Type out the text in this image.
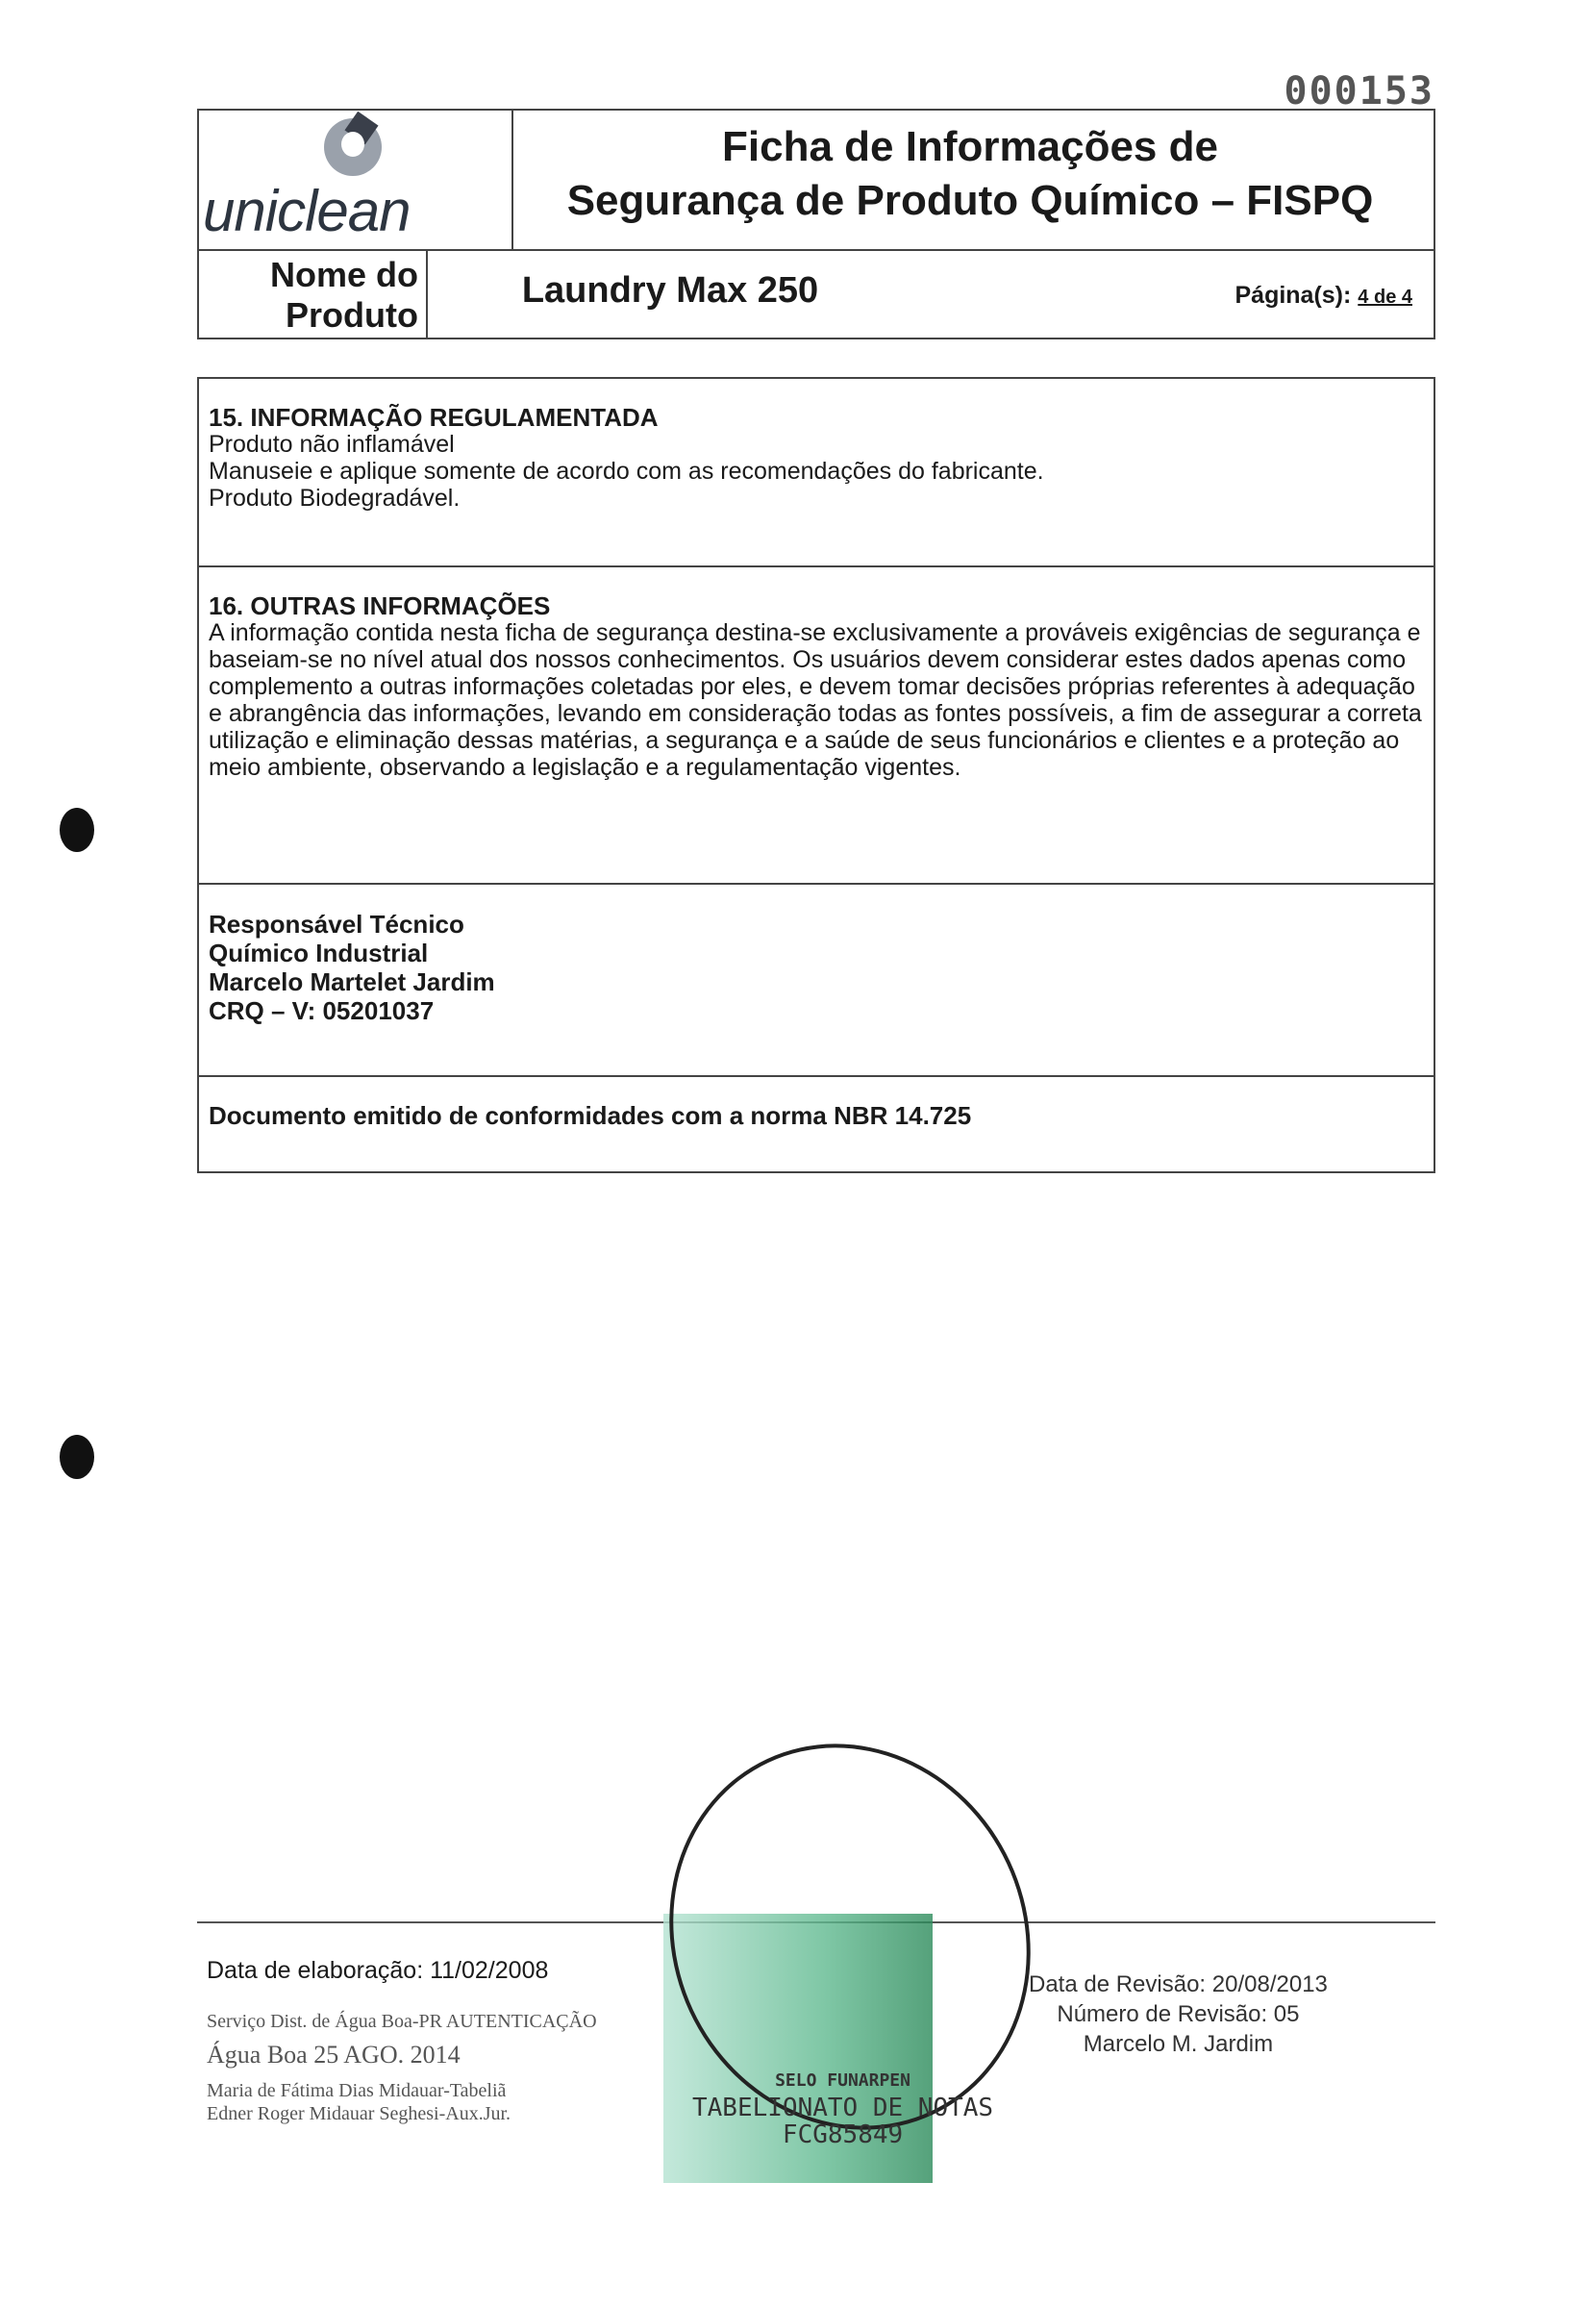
uniclean
Ficha de Informações de
Segurança de Produto Químico – FISPQ
Nome do Produto
Laundry Max 250	Página(s): 4 de 4
000153
15. INFORMAÇÃO REGULAMENTADA
Produto não inflamável
Manuseie e aplique somente de acordo com as recomendações do fabricante.
Produto Biodegradável.
16. OUTRAS INFORMAÇÕES
A informação contida nesta ficha de segurança destina-se exclusivamente a prováveis exigências de segurança e baseiam-se no nível atual dos nossos conhecimentos. Os usuários devem considerar estes dados apenas como complemento a outras informações coletadas por eles, e devem tomar decisões próprias referentes à adequação e abrangência das informações, levando em consideração todas as fontes possíveis, a fim de assegurar a correta utilização e eliminação dessas matérias, a segurança e a saúde de seus funcionários e clientes e a proteção ao meio ambiente, observando a legislação e a regulamentação vigentes.
Responsável Técnico
Químico Industrial
Marcelo Martelet Jardim
CRQ – V: 05201037
Documento emitido de conformidades com a norma NBR 14.725
SELO FUNARPEN
TABELIONATO DE NOTAS
FCG85849
Data de elaboração: 11/02/2008
Serviço Dist. de Água Boa-PR AUTENTICAÇÃO
Água Boa 25 AGO. 2014
Maria de Fátima Dias Midauar-Tabeliã Edner Roger Midauar Seghesi-Aux.Jur.
Data de Revisão: 20/08/2013
Número de Revisão: 05
Marcelo M. Jardim
